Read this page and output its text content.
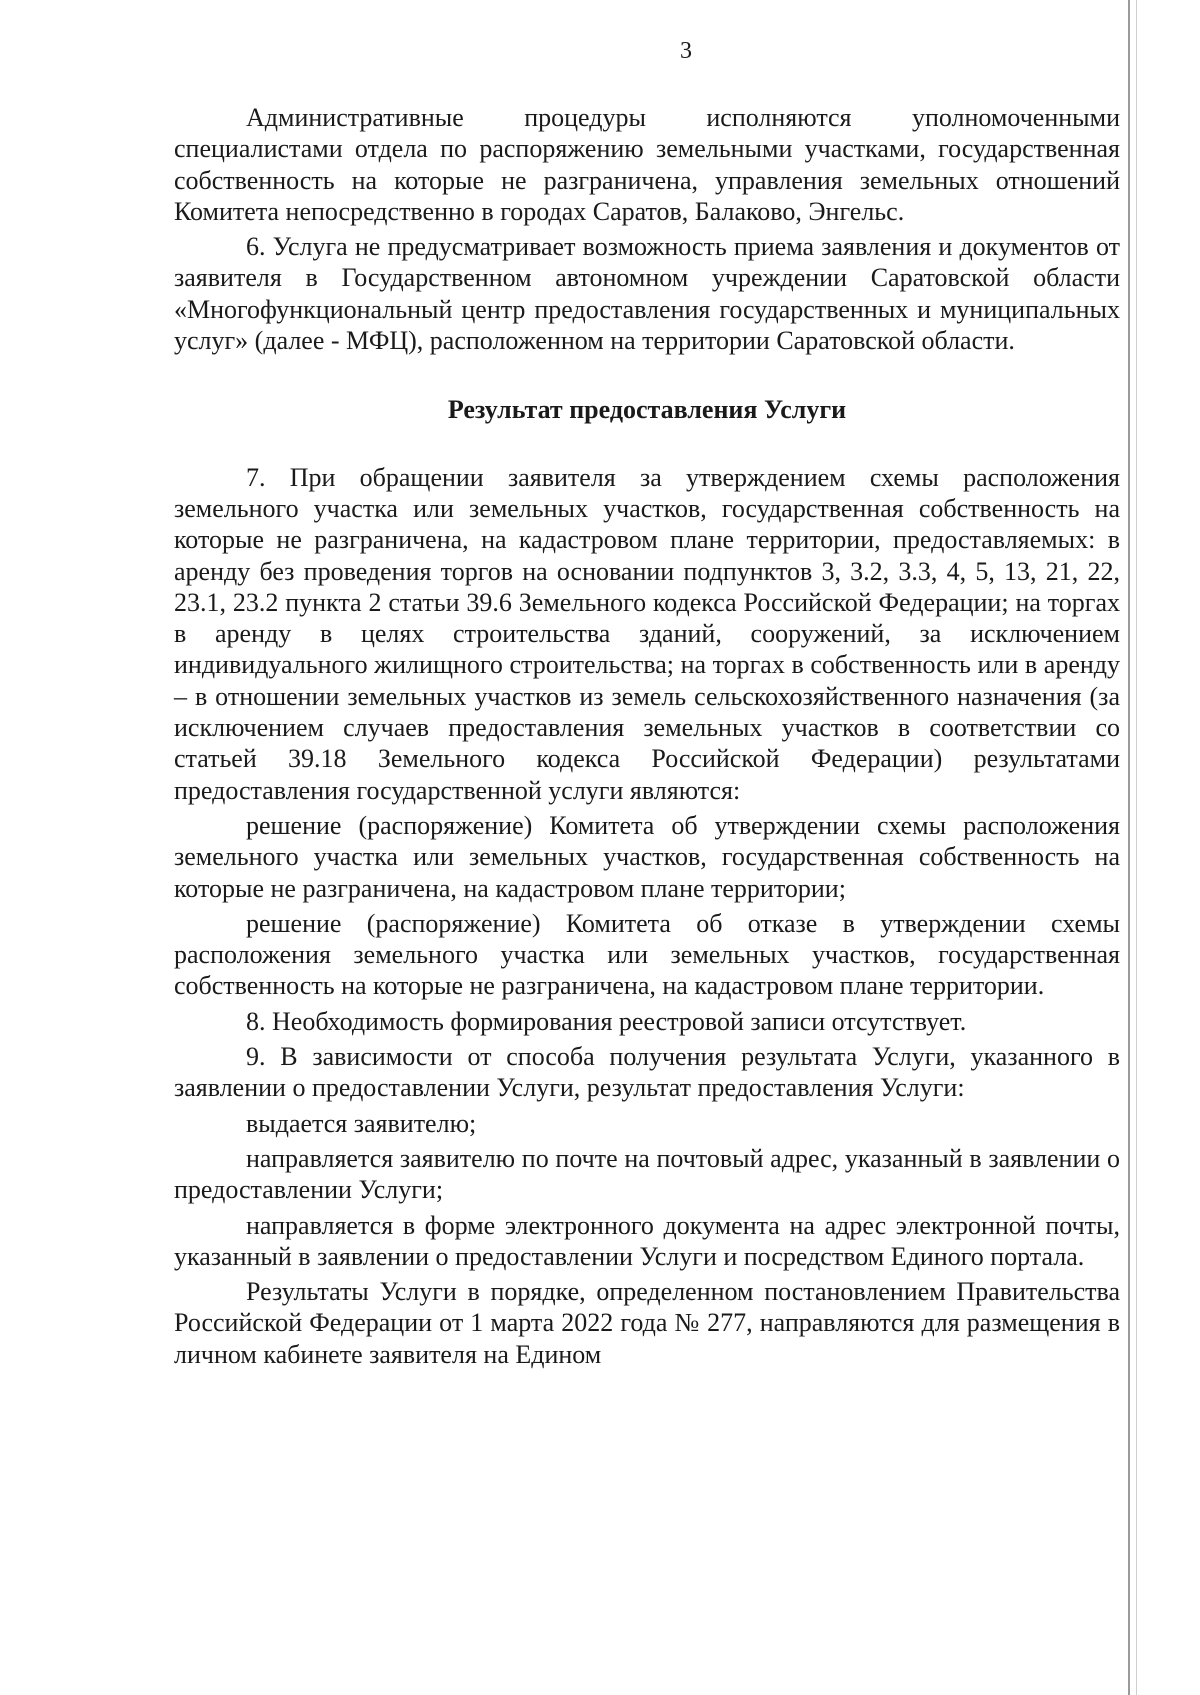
3

Административные процедуры исполняются уполномоченными специалистами отдела по распоряжению земельными участками, государственная собственность на которые не разграничена, управления земельных отношений Комитета непосредственно в городах Саратов, Балаково, Энгельс.

6. Услуга не предусматривает возможность приема заявления и документов от заявителя в Государственном автономном учреждении Саратовской области «Многофункциональный центр предоставления государственных и муниципальных услуг» (далее - МФЦ), расположенном на территории Саратовской области.

Результат предоставления Услуги

7. При обращении заявителя за утверждением схемы расположения земельного участка или земельных участков, государственная собственность на которые не разграничена, на кадастровом плане территории, предоставляемых: в аренду без проведения торгов на основании подпунктов 3, 3.2, 3.3, 4, 5, 13, 21, 22, 23.1, 23.2 пункта 2 статьи 39.6 Земельного кодекса Российской Федерации; на торгах в аренду в целях строительства зданий, сооружений, за исключением индивидуального жилищного строительства; на торгах в собственность или в аренду – в отношении земельных участков из земель сельскохозяйственного назначения (за исключением случаев предоставления земельных участков в соответствии со статьей 39.18 Земельного кодекса Российской Федерации) результатами предоставления государственной услуги являются:

решение (распоряжение) Комитета об утверждении схемы расположения земельного участка или земельных участков, государственная собственность на которые не разграничена, на кадастровом плане территории;

решение (распоряжение) Комитета об отказе в утверждении схемы расположения земельного участка или земельных участков, государственная собственность на которые не разграничена, на кадастровом плане территории.

8. Необходимость формирования реестровой записи отсутствует.

9. В зависимости от способа получения результата Услуги, указанного в заявлении о предоставлении Услуги, результат предоставления Услуги:

выдается заявителю;

направляется заявителю по почте на почтовый адрес, указанный в заявлении о предоставлении Услуги;

направляется в форме электронного документа на адрес электронной почты, указанный в заявлении о предоставлении Услуги и посредством Единого портала.

Результаты Услуги в порядке, определенном постановлением Правительства Российской Федерации от 1 марта 2022 года № 277, направляются для размещения в личном кабинете заявителя на Едином
